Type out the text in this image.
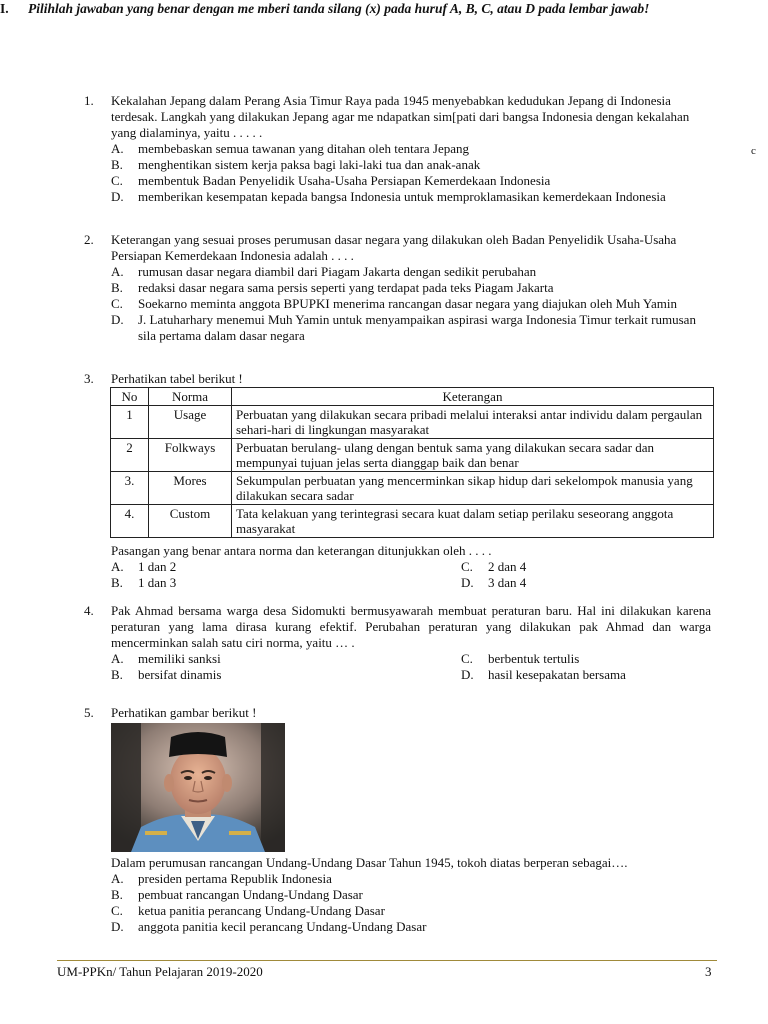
I. Pilihlah jawaban yang benar dengan me mberi tanda silang (x) pada huruf A, B, C, atau D pada lembar jawab!
c
1. Kekalahan Jepang dalam Perang Asia Timur Raya pada 1945 menyebabkan kedudukan Jepang di Indonesia terdesak. Langkah yang dilakukan Jepang agar me ndapatkan sim[pati dari bangsa Indonesia dengan kekalahan yang dialaminya, yaitu . . . . .
A. membebaskan semua tawanan yang ditahan oleh tentara Jepang
B. menghentikan sistem kerja paksa bagi laki-laki tua dan anak-anak
C. membentuk Badan Penyelidik Usaha-Usaha Persiapan Kemerdekaan Indonesia
D. memberikan kesempatan kepada bangsa Indonesia untuk memproklamasikan kemerdekaan Indonesia
2. Keterangan yang sesuai proses perumusan dasar negara yang dilakukan oleh Badan Penyelidik Usaha-Usaha Persiapan Kemerdekaan Indonesia adalah . . . .
A. rumusan dasar negara diambil dari Piagam Jakarta dengan sedikit perubahan
B. redaksi dasar negara sama persis seperti yang terdapat pada teks Piagam Jakarta
C. Soekarno meminta anggota BPUPKI menerima rancangan dasar negara yang diajukan oleh Muh Yamin
D. J. Latuharhary menemui Muh Yamin untuk menyampaikan aspirasi warga Indonesia Timur terkait rumusan sila pertama dalam dasar negara
3. Perhatikan tabel berikut !
No	Norma	Keterangan
1	Usage	Perbuatan yang dilakukan secara pribadi melalui interaksi antar individu dalam pergaulan sehari-hari di lingkungan masyarakat
2	Folkways	Perbuatan berulang- ulang dengan bentuk sama yang dilakukan secara sadar dan mempunyai tujuan jelas serta dianggap baik dan benar
3.	Mores	Sekumpulan perbuatan yang mencerminkan sikap hidup dari sekelompok manusia yang dilakukan secara sadar
4.	Custom	Tata kelakuan yang terintegrasi secara kuat dalam setiap perilaku seseorang anggota masyarakat
Pasangan yang benar antara norma dan keterangan ditunjukkan oleh . . . .
A. 1 dan 2	C. 2 dan 4
B. 1 dan 3	D. 3 dan 4
4. Pak Ahmad bersama warga desa Sidomukti bermusyawarah membuat peraturan baru. Hal ini dilakukan karena peraturan yang lama dirasa kurang efektif. Perubahan peraturan yang dilakukan pak Ahmad dan warga mencerminkan salah satu ciri norma, yaitu … .
A. memiliki sanksi	C. berbentuk tertulis
B. bersifat dinamis	D. hasil kesepakatan bersama
5. Perhatikan gambar berikut !
Dalam perumusan rancangan Undang-Undang Dasar Tahun 1945, tokoh diatas berperan sebagai….
A. presiden pertama Republik Indonesia
B. pembuat rancangan Undang-Undang Dasar
C. ketua panitia perancang Undang-Undang Dasar
D. anggota panitia kecil perancang Undang-Undang Dasar
UM-PPKn/ Tahun Pelajaran 2019-2020	3
